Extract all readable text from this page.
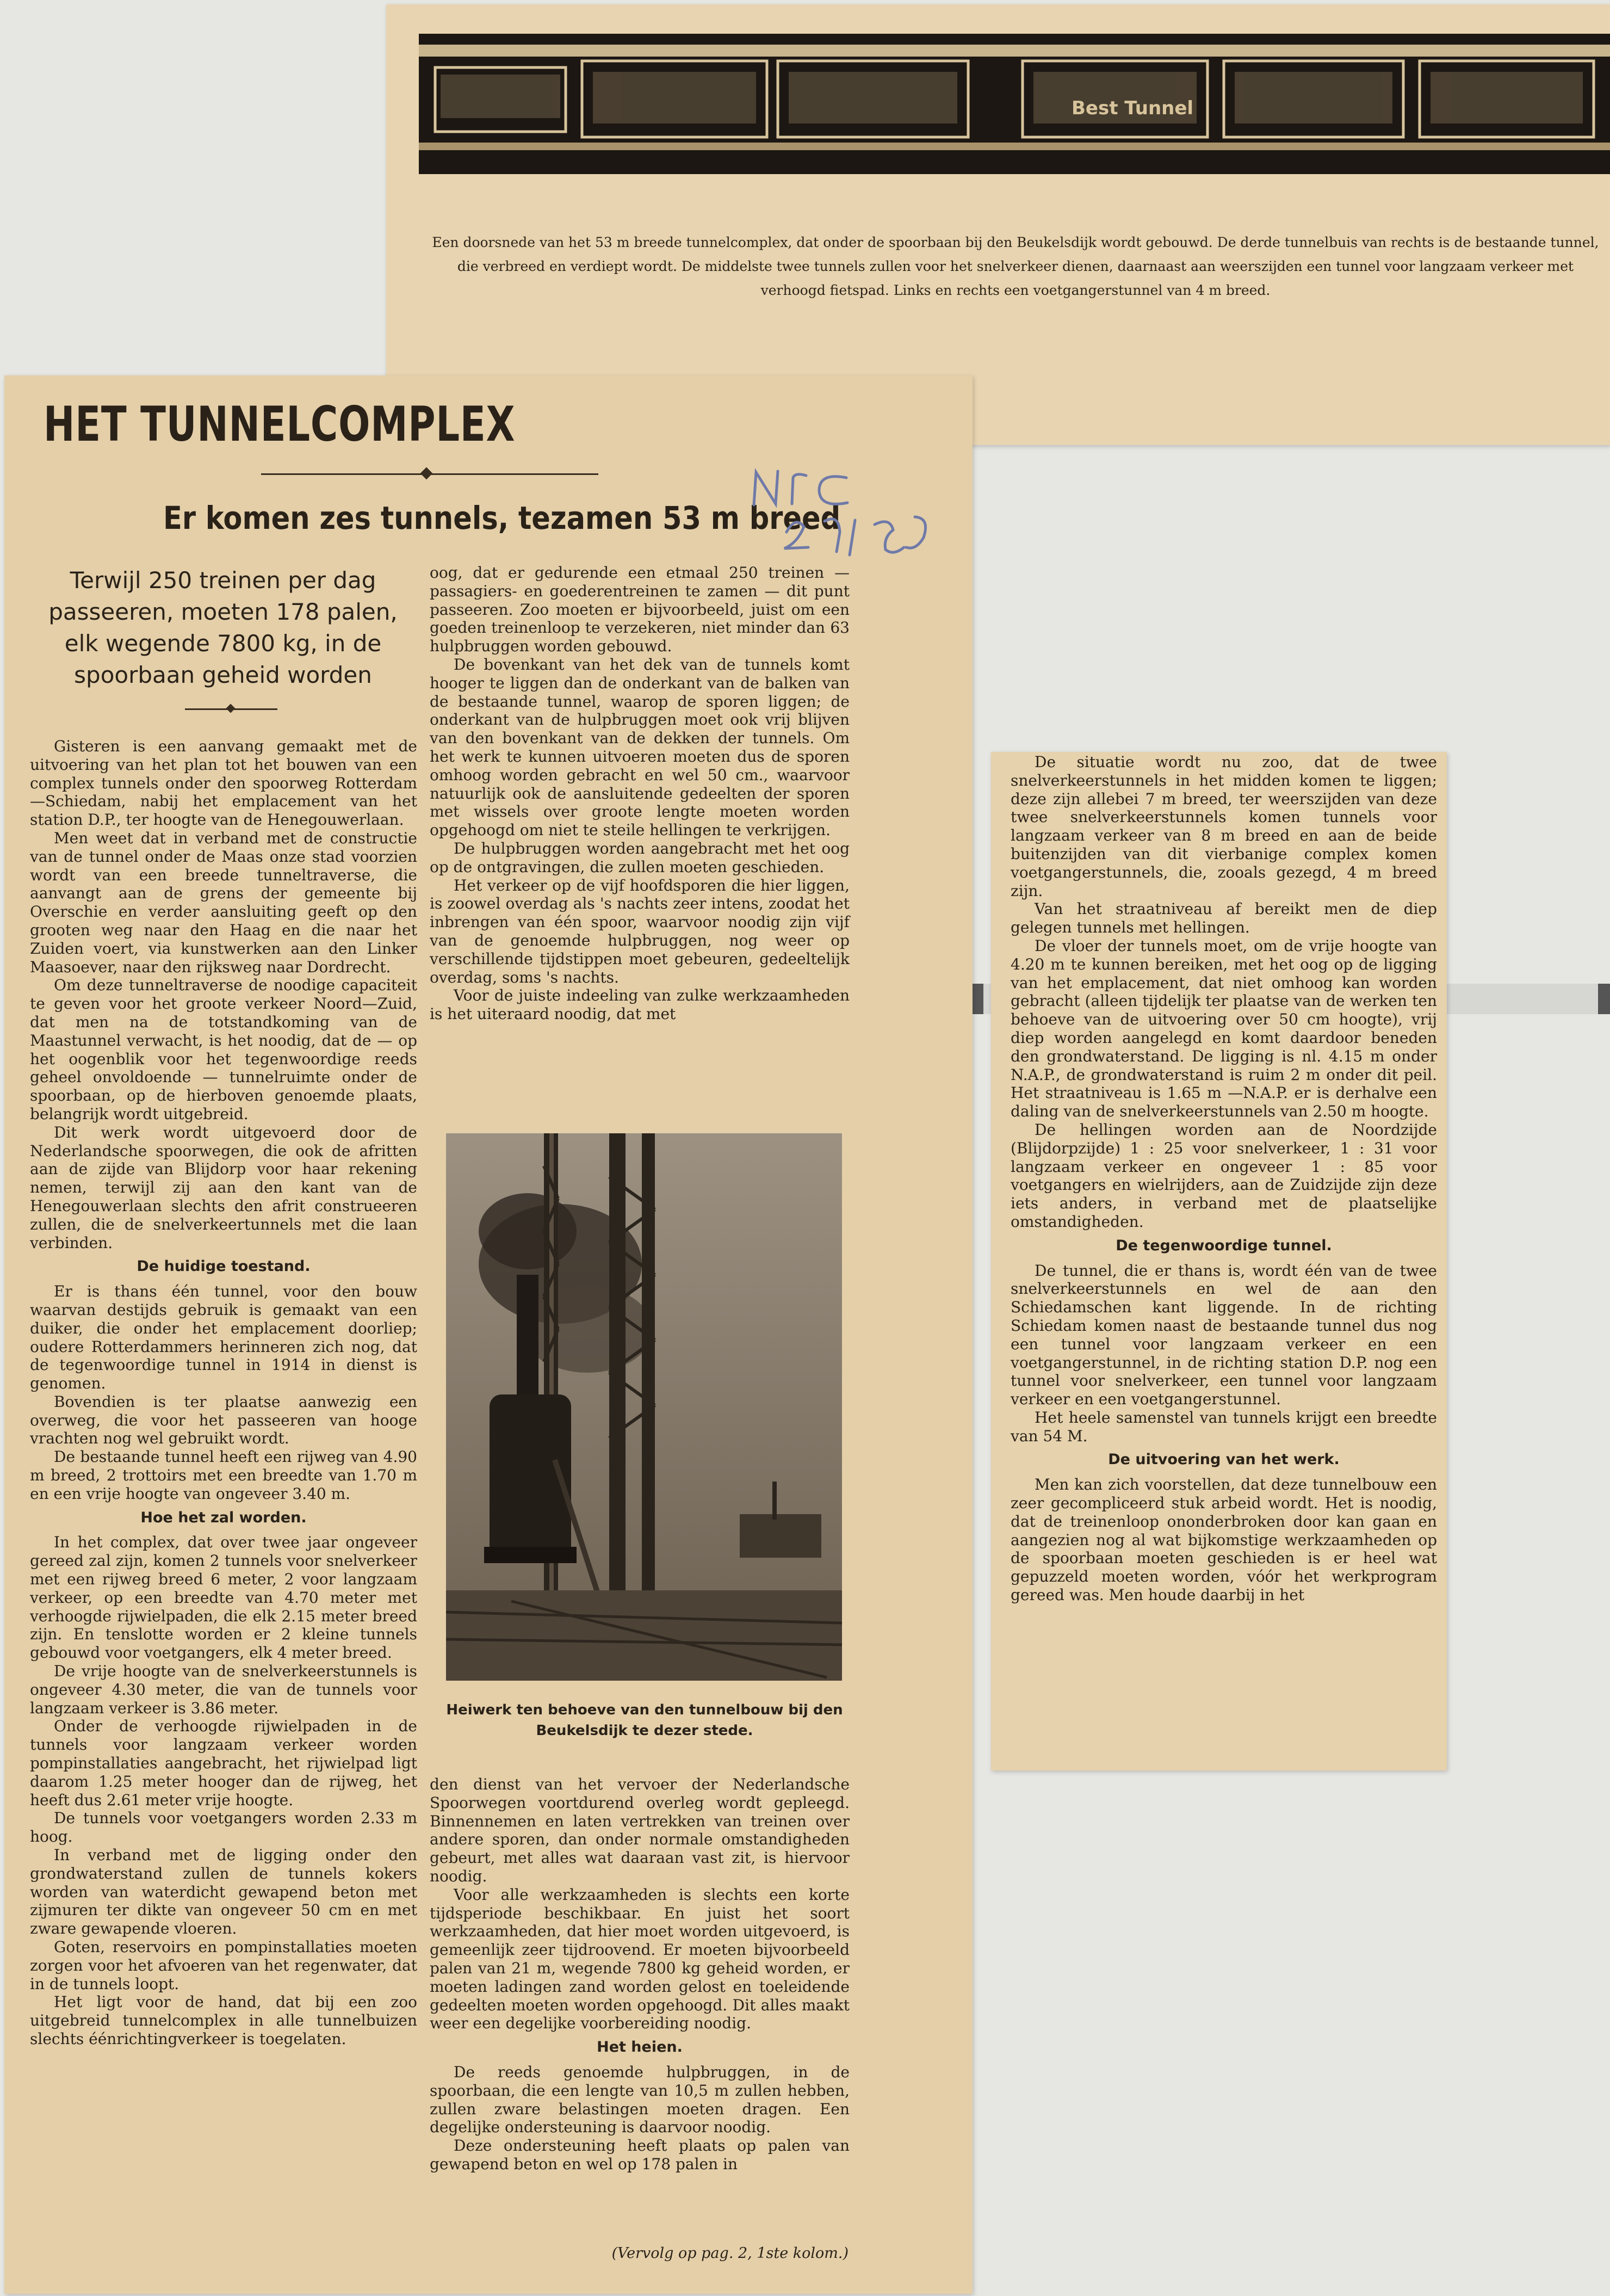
Best Tunnel
Een doorsnede van het 53 m breede tunnelcomplex, dat onder de spoorbaan bij den Beukelsdijk wordt gebouwd. De derde tunnelbuis van rechts is de bestaande tunnel, die verbreed en verdiept wordt. De middelste twee tunnels zullen voor het snelverkeer dienen, daarnaast aan weerszijden een tunnel voor langzaam verkeer met verhoogd fietspad. Links en rechts een voetgangerstunnel van 4 m breed.
HET TUNNELCOMPLEX
Er komen zes tunnels, tezamen 53 m breed
Terwijl 250 treinen per dag passeeren, moeten 178 palen, elk wegende 7800 kg, in de spoorbaan geheid worden

Gisteren is een aanvang gemaakt met de uitvoering van het plan tot het bouwen van een complex tunnels onder den spoorweg Rotterdam—Schiedam, nabij het emplacement van het station D.P., ter hoogte van de Henegouwerlaan.

Men weet dat in verband met de constructie van de tunnel onder de Maas onze stad voorzien wordt van een breede tunneltraverse, die aanvangt aan de grens der gemeente bij Overschie en verder aansluiting geeft op den grooten weg naar den Haag en die naar het Zuiden voert, via kunstwerken aan den Linker Maasoever, naar den rijksweg naar Dordrecht.

Om deze tunneltraverse de noodige capaciteit te geven voor het groote verkeer Noord—Zuid, dat men na de totstandkoming van de Maastunnel verwacht, is het noodig, dat de — op het oogenblik voor het tegenwoordige reeds geheel onvoldoende — tunnelruimte onder de spoorbaan, op de hierboven genoemde plaats, belangrijk wordt uitgebreid.

Dit werk wordt uitgevoerd door de Nederlandsche spoorwegen, die ook de afritten aan de zijde van Blijdorp voor haar rekening nemen, terwijl zij aan den kant van de Henegouwerlaan slechts den afrit construeeren zullen, die de snelverkeertunnels met die laan verbinden.

De huidige toestand.

Er is thans één tunnel, voor den bouw waarvan destijds gebruik is gemaakt van een duiker, die onder het emplacement doorliep; oudere Rotterdammers herinneren zich nog, dat de tegenwoordige tunnel in 1914 in dienst is genomen.

Bovendien is ter plaatse aanwezig een overweg, die voor het passeeren van hooge vrachten nog wel gebruikt wordt.

De bestaande tunnel heeft een rijweg van 4.90 m breed, 2 trottoirs met een breedte van 1.70 m en een vrije hoogte van ongeveer 3.40 m.

Hoe het zal worden.

In het complex, dat over twee jaar ongeveer gereed zal zijn, komen 2 tunnels voor snelverkeer met een rijweg breed 6 meter, 2 voor langzaam verkeer, op een breedte van 4.70 meter met verhoogde rijwielpaden, die elk 2.15 meter breed zijn. En tenslotte worden er 2 kleine tunnels gebouwd voor voetgangers, elk 4 meter breed.

De vrije hoogte van de snelverkeerstunnels is ongeveer 4.30 meter, die van de tunnels voor langzaam verkeer is 3.86 meter.

Onder de verhoogde rijwielpaden in de tunnels voor langzaam verkeer worden pompinstallaties aangebracht, het rijwielpad ligt daarom 1.25 meter hooger dan de rijweg, het heeft dus 2.61 meter vrije hoogte.

De tunnels voor voetgangers worden 2.33 m hoog.

In verband met de ligging onder den grondwaterstand zullen de tunnels kokers worden van waterdicht gewapend beton met zijmuren ter dikte van ongeveer 50 cm en met zware gewapende vloeren.

Goten, reservoirs en pompinstallaties moeten zorgen voor het afvoeren van het regenwater, dat in de tunnels loopt.

Het ligt voor de hand, dat bij een zoo uitgebreid tunnelcomplex in alle tunnelbuizen slechts éénrichtingverkeer is toegelaten.

oog, dat er gedurende een etmaal 250 treinen — passagiers- en goederentreinen te zamen — dit punt passeeren. Zoo moeten er bijvoorbeeld, juist om een goeden treinenloop te verzekeren, niet minder dan 63 hulpbruggen worden gebouwd.

De bovenkant van het dek van de tunnels komt hooger te liggen dan de onderkant van de balken van de bestaande tunnel, waarop de sporen liggen; de onderkant van de hulpbruggen moet ook vrij blijven van den bovenkant van de dekken der tunnels. Om het werk te kunnen uitvoeren moeten dus de sporen omhoog worden gebracht en wel 50 cm., waarvoor natuurlijk ook de aansluitende gedeelten der sporen met wissels over groote lengte moeten worden opgehoogd om niet te steile hellingen te verkrijgen.

De hulpbruggen worden aangebracht met het oog op de ontgravingen, die zullen moeten geschieden.

Het verkeer op de vijf hoofdsporen die hier liggen, is zoowel overdag als 's nachts zeer intens, zoodat het inbrengen van één spoor, waarvoor noodig zijn vijf van de genoemde hulpbruggen, nog weer op verschillende tijdstippen moet gebeuren, gedeeltelijk overdag, soms 's nachts.

Voor de juiste indeeling van zulke werkzaamheden is het uiteraard noodig, dat met

Heiwerk ten behoeve van den tunnelbouw bij den Beukelsdijk te dezer stede.

den dienst van het vervoer der Nederlandsche Spoorwegen voortdurend overleg wordt gepleegd. Binnennemen en laten vertrekken van treinen over andere sporen, dan onder normale omstandigheden gebeurt, met alles wat daaraan vast zit, is hiervoor noodig.

Voor alle werkzaamheden is slechts een korte tijdsperiode beschikbaar. En juist het soort werkzaamheden, dat hier moet worden uitgevoerd, is gemeenlijk zeer tijdroovend. Er moeten bijvoorbeeld palen van 21 m, wegende 7800 kg geheid worden, er moeten ladingen zand worden gelost en toeleidende gedeelten moeten worden opgehoogd. Dit alles maakt weer een degelijke voorbereiding noodig.

Het heien.

De reeds genoemde hulpbruggen, in de spoorbaan, die een lengte van 10,5 m zullen hebben, zullen zware belastingen moeten dragen. Een degelijke ondersteuning is daarvoor noodig.

Deze ondersteuning heeft plaats op palen van gewapend beton en wel op 178 palen in

(Vervolg op pag. 2, 1ste kolom.)

De situatie wordt nu zoo, dat de twee snelverkeerstunnels in het midden komen te liggen; deze zijn allebei 7 m breed, ter weerszijden van deze twee snelverkeerstunnels komen tunnels voor langzaam verkeer van 8 m breed en aan de beide buitenzijden van dit vierbanige complex komen voetgangerstunnels, die, zooals gezegd, 4 m breed zijn.

Van het straatniveau af bereikt men de diep gelegen tunnels met hellingen.

De vloer der tunnels moet, om de vrije hoogte van 4.20 m te kunnen bereiken, met het oog op de ligging van het emplacement, dat niet omhoog kan worden gebracht (alleen tijdelijk ter plaatse van de werken ten behoeve van de uitvoering over 50 cm hoogte), vrij diep worden aangelegd en komt daardoor beneden den grondwaterstand. De ligging is nl. 4.15 m onder N.A.P., de grondwaterstand is ruim 2 m onder dit peil. Het straatniveau is 1.65 m —N.A.P. er is derhalve een daling van de snelverkeerstunnels van 2.50 m hoogte.

De hellingen worden aan de Noordzijde (Blijdorpzijde) 1 : 25 voor snelverkeer, 1 : 31 voor langzaam verkeer en ongeveer 1 : 85 voor voetgangers en wielrijders, aan de Zuidzijde zijn deze iets anders, in verband met de plaatselijke omstandigheden.

De tegenwoordige tunnel.

De tunnel, die er thans is, wordt één van de twee snelverkeerstunnels en wel de aan den Schiedamschen kant liggende. In de richting Schiedam komen naast de bestaande tunnel dus nog een tunnel voor langzaam verkeer en een voetgangerstunnel, in de richting station D.P. nog een tunnel voor snelverkeer, een tunnel voor langzaam verkeer en een voetgangerstunnel.

Het heele samenstel van tunnels krijgt een breedte van 54 M.

De uitvoering van het werk.

Men kan zich voorstellen, dat deze tunnelbouw een zeer gecompliceerd stuk arbeid wordt. Het is noodig, dat de treinenloop ononderbroken door kan gaan en aangezien nog al wat bijkomstige werkzaamheden op de spoorbaan moeten geschieden is er heel wat gepuzzeld moeten worden, vóór het werkprogram gereed was. Men houde daarbij in het
